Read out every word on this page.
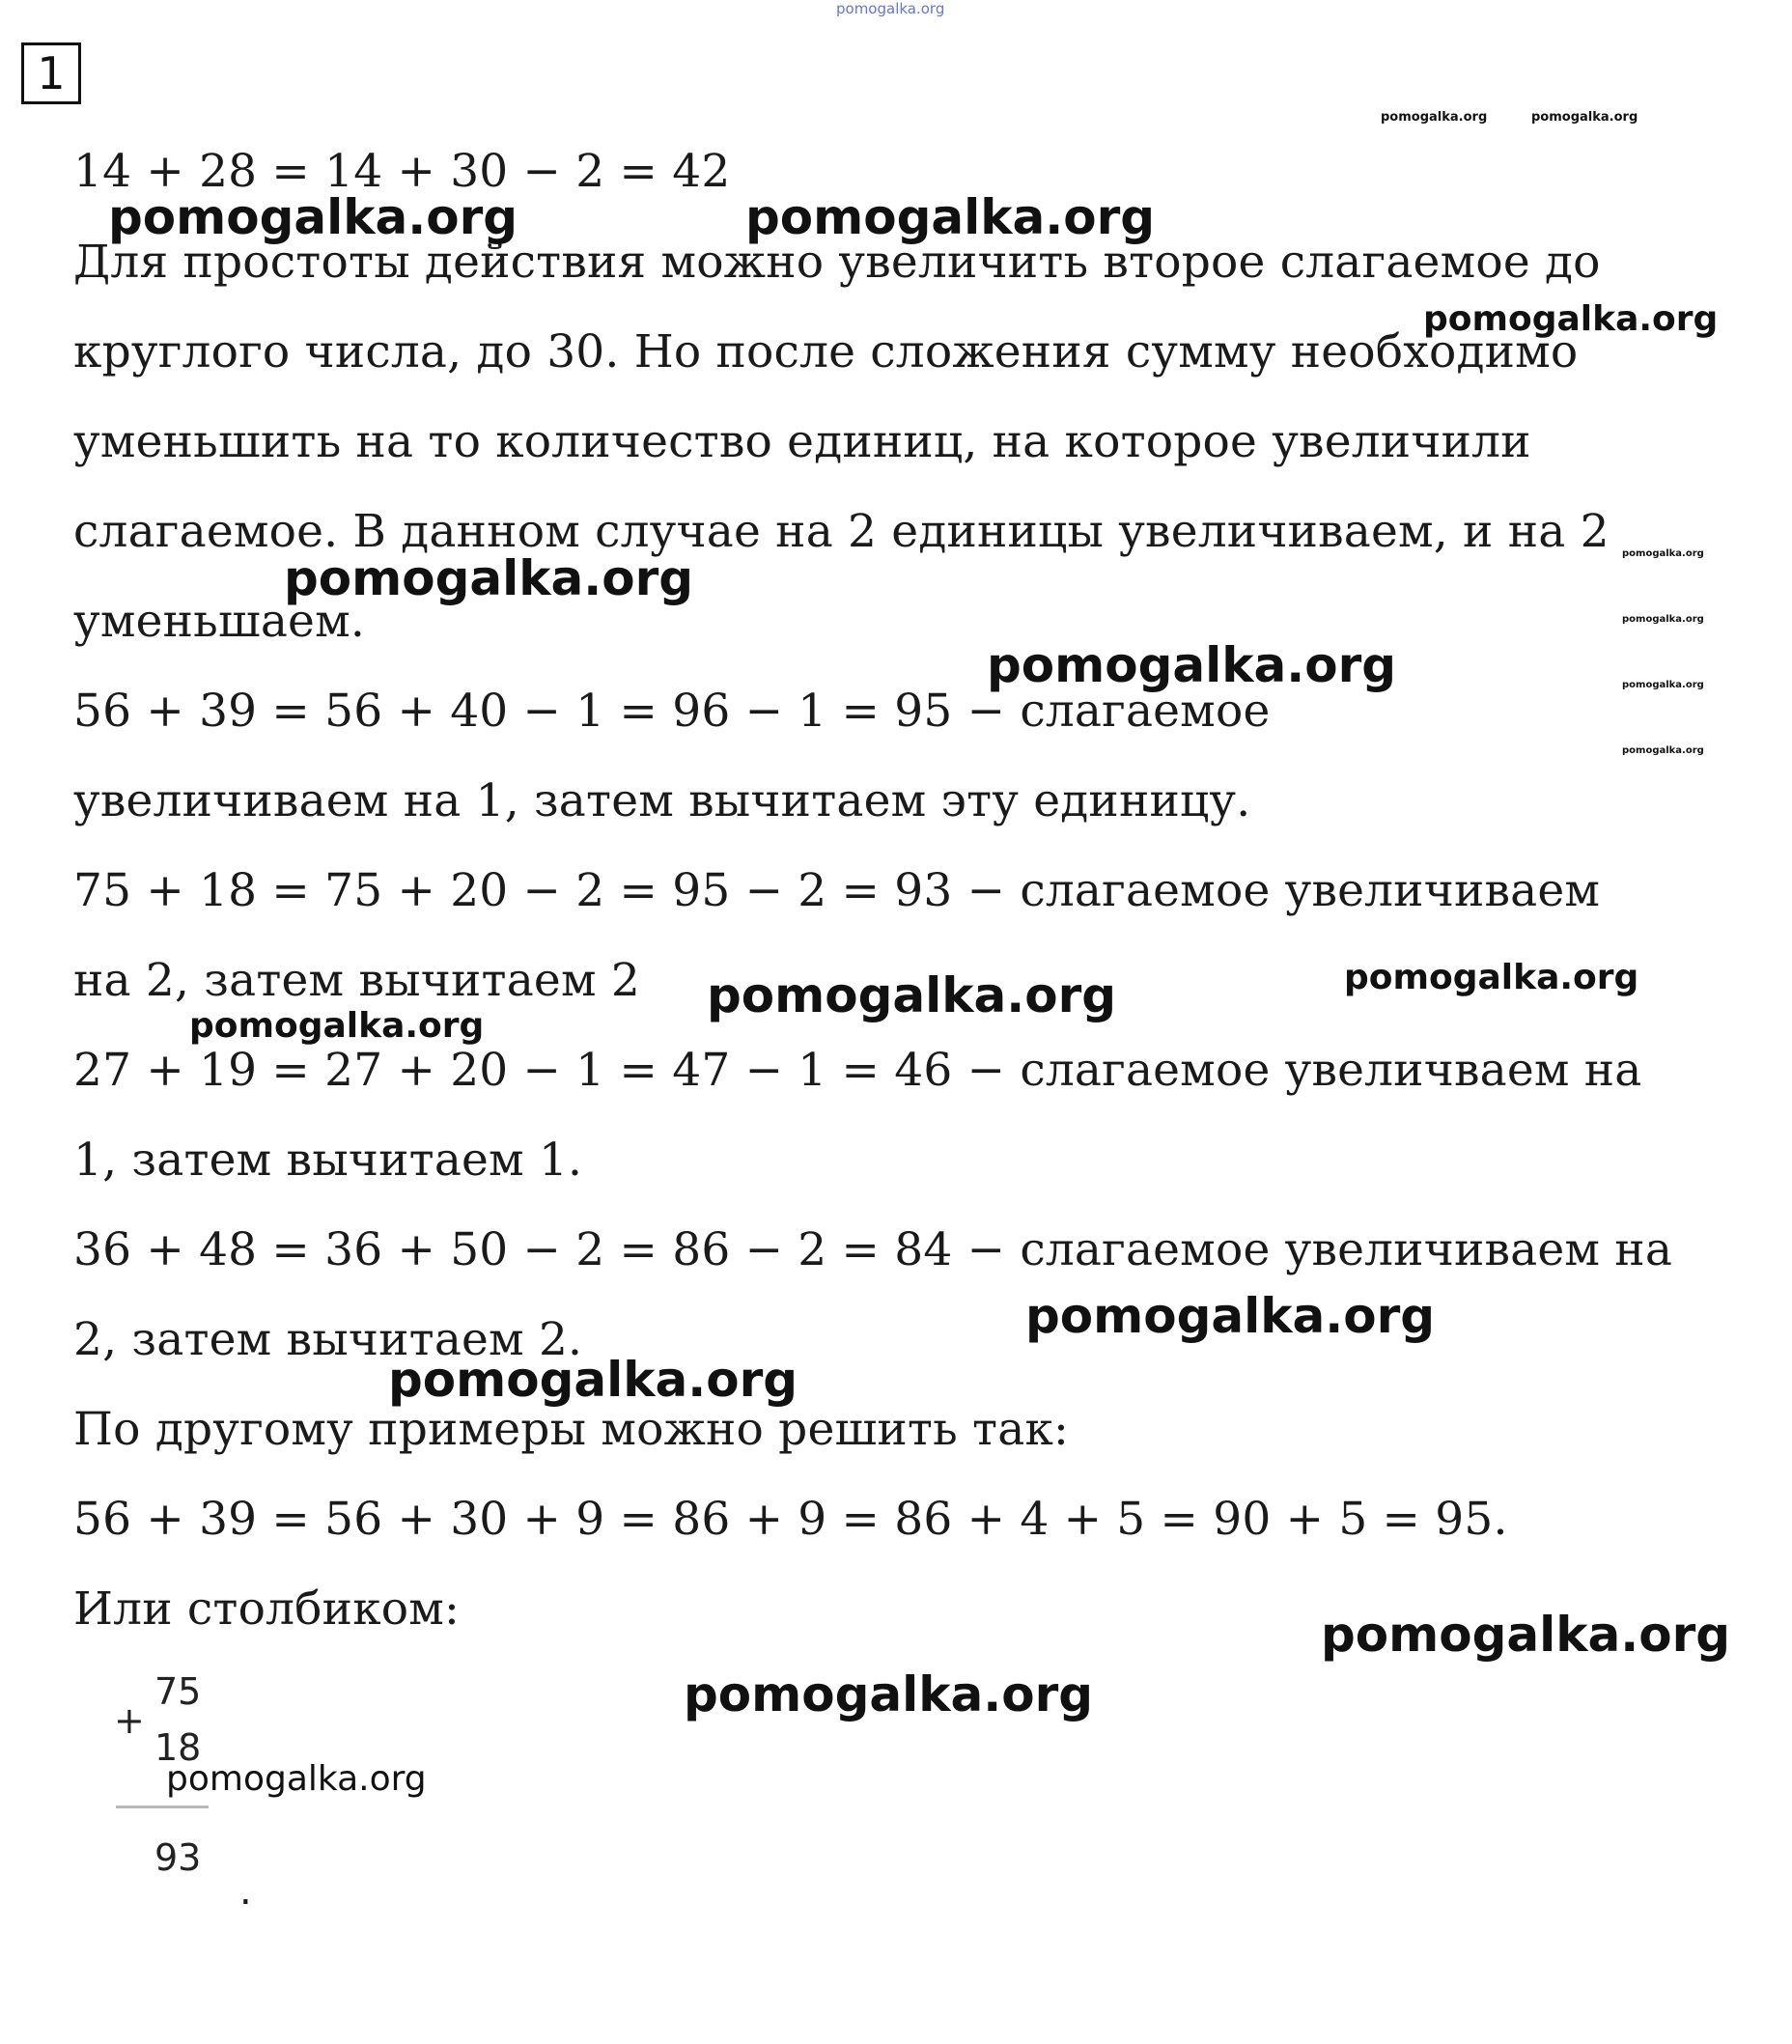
1
14 + 28 = 14 + 30 − 2 = 42
Для простоты действия можно увеличить второе слагаемое до
круглого числа, до 30. Но после сложения сумму необходимо
уменьшить на то количество единиц, на которое увеличили
слагаемое. В данном случае на 2 единицы увеличиваем, и на 2
уменьшаем.
56 + 39 = 56 + 40 − 1 = 96 − 1 = 95 − слагаемое
увеличиваем на 1, затем вычитаем эту единицу.
75 + 18 = 75 + 20 − 2 = 95 − 2 = 93 − слагаемое увеличиваем
на 2, затем вычитаем 2
27 + 19 = 27 + 20 − 1 = 47 − 1 = 46 − слагаемое увеличваем на
1, затем вычитаем 1.
36 + 48 = 36 + 50 − 2 = 86 − 2 = 84 − слагаемое увеличиваем на
2, затем вычитаем 2.
По другому примеры можно решить так:
56 + 39 = 56 + 30 + 9 = 86 + 9 = 86 + 4 + 5 = 90 + 5 = 95.
Или столбиком:
+
75
18
93
.
pomogalka.org
pomogalka.org	pomogalka.org
pomogalka.org	pomogalka.org
pomogalka.org
pomogalka.org	pomogalka.org
pomogalka.org
pomogalka.org	pomogalka.org
pomogalka.org
pomogalka.org	pomogalka.org
pomogalka.org
pomogalka.org
pomogalka.org
pomogalka.org
pomogalka.org
pomogalka.org
